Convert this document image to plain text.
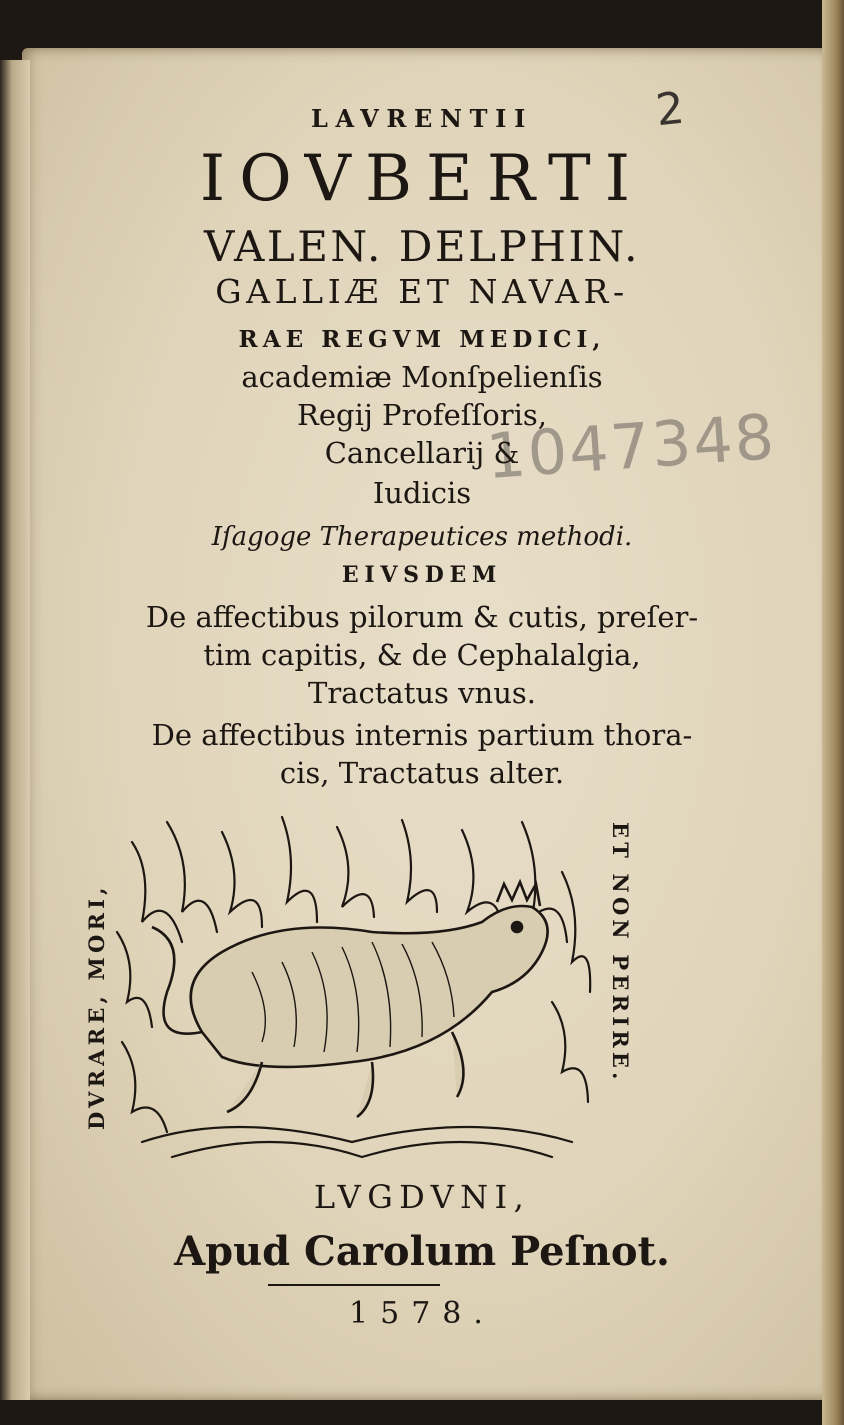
2
1047348
LAVRENTII
IOVBERTI
VALEN. DELPHIN.
GALLIÆ ET NAVAR-
RAE REGVM MEDICI,
academiæ Monſpelienſis
Regij Profeſſoris,
Cancellarij &
Iudicis
Iſagoge Therapeutices methodi.
EIVSDEM
De affectibus pilorum & cutis, preſer-
tim capitis, & de Cephalalgia,
Tractatus vnus.
De affectibus internis partium thora-
cis, Tractatus alter.
DVRARE, MORI,	ET NON PERIRE.
LVGDVNI,
Apud Carolum Peſnot.
1578.
